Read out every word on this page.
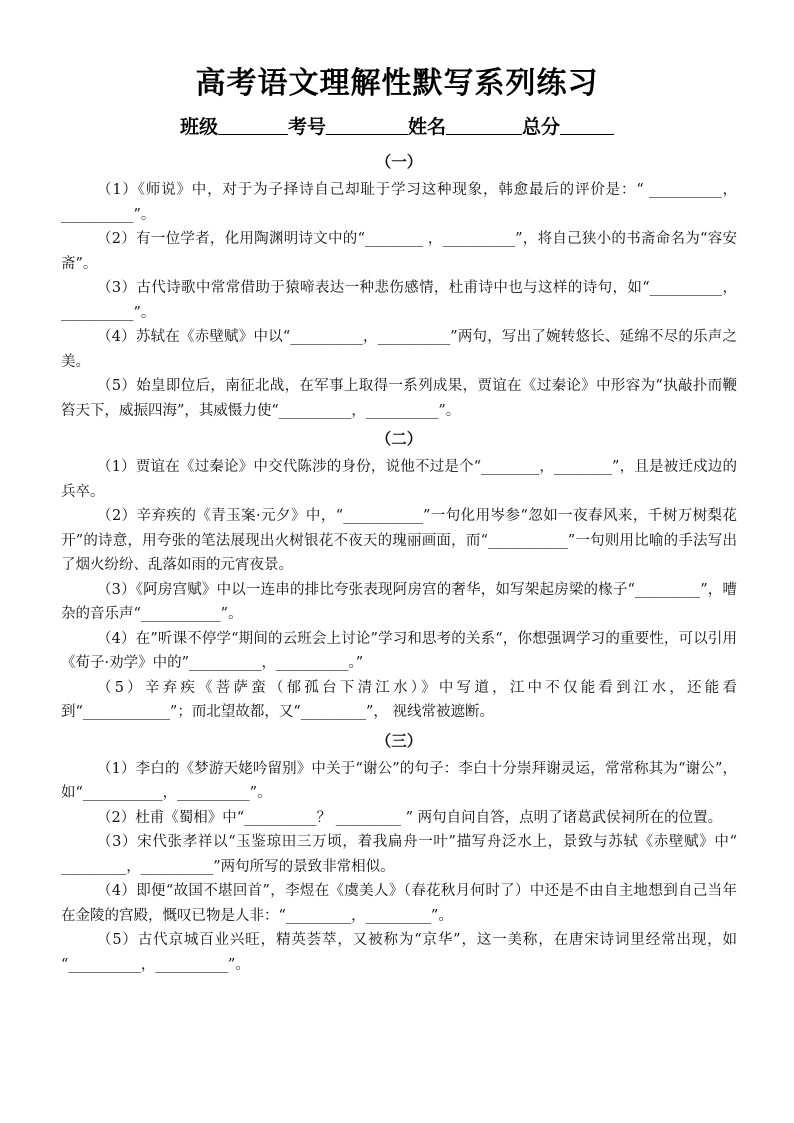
高考语文理解性默写系列练习
班级	考号	姓名	总分
（一）

（1）《师说》中，对于为子择诗自己却耻于学习这种现象，韩愈最后的评价是：“ __________，__________”。

（2）有一位学者，化用陶渊明诗文中的“________ ，__________”，将自己狭小的书斋命名为“容安斋”。

（3）古代诗歌中常常借助于猿啼表达一种悲伤感情，杜甫诗中也与这样的诗句，如“__________，__________”。

（4）苏轼在《赤壁赋》中以“__________，__________”两句，写出了婉转悠长、延绵不尽的乐声之美。

（5）始皇即位后，南征北战，在军事上取得一系列成果，贾谊在《过秦论》中形容为“执敲扑而鞭笞天下，威振四海”，其威慑力使“__________，__________”。

（二）

（1）贾谊在《过秦论》中交代陈涉的身份，说他不过是个“________，________”，且是被迁戍边的兵卒。

（2）辛弃疾的《青玉案·元夕》中，“___________”一句化用岑参“忽如一夜春风来，千树万树梨花开”的诗意，用夸张的笔法展现出火树银花不夜天的瑰丽画面，而“___________”一句则用比喻的手法写出了烟火纷纷、乱落如雨的元宵夜景。

（3）《阿房宫赋》中以一连串的排比夸张表现阿房宫的奢华，如写架起房梁的椽子“_________”，嘈杂的音乐声“___________”。

（4）在”听课不停学“期间的云班会上讨论”学习和思考的关系“，你想强调学习的重要性，可以引用《荀子·劝学》中的”__________，__________。”

（5）辛弃疾《菩萨蛮（郁孤台下清江水）》中写道，江中不仅能看到江水，还能看到“____________”；而北望故都，又“_________”， 视线常被遮断。

（三）

（1）李白的《梦游天姥吟留别》中关于“谢公”的句子：李白十分崇拜谢灵运，常常称其为“谢公”，如“___________，__________”。

（2）杜甫《蜀相》中“__________？ _________ ” 两句自问自答，点明了诸葛武侯祠所在的位置。

（3）宋代张孝祥以“玉鉴琼田三万顷，着我扁舟一叶”描写舟泛水上，景致与苏轼《赤壁赋》中“ _________，__________”两句所写的景致非常相似。

（4）即便“故国不堪回首”，李煜在《虞美人》（春花秋月何时了）中还是不由自主地想到自己当年在金陵的宫殿，慨叹已物是人非：“_________，_________”。

（5）古代京城百业兴旺，精英荟萃，又被称为“京华”，这一美称，在唐宋诗词里经常出现，如 “__________，__________”。
